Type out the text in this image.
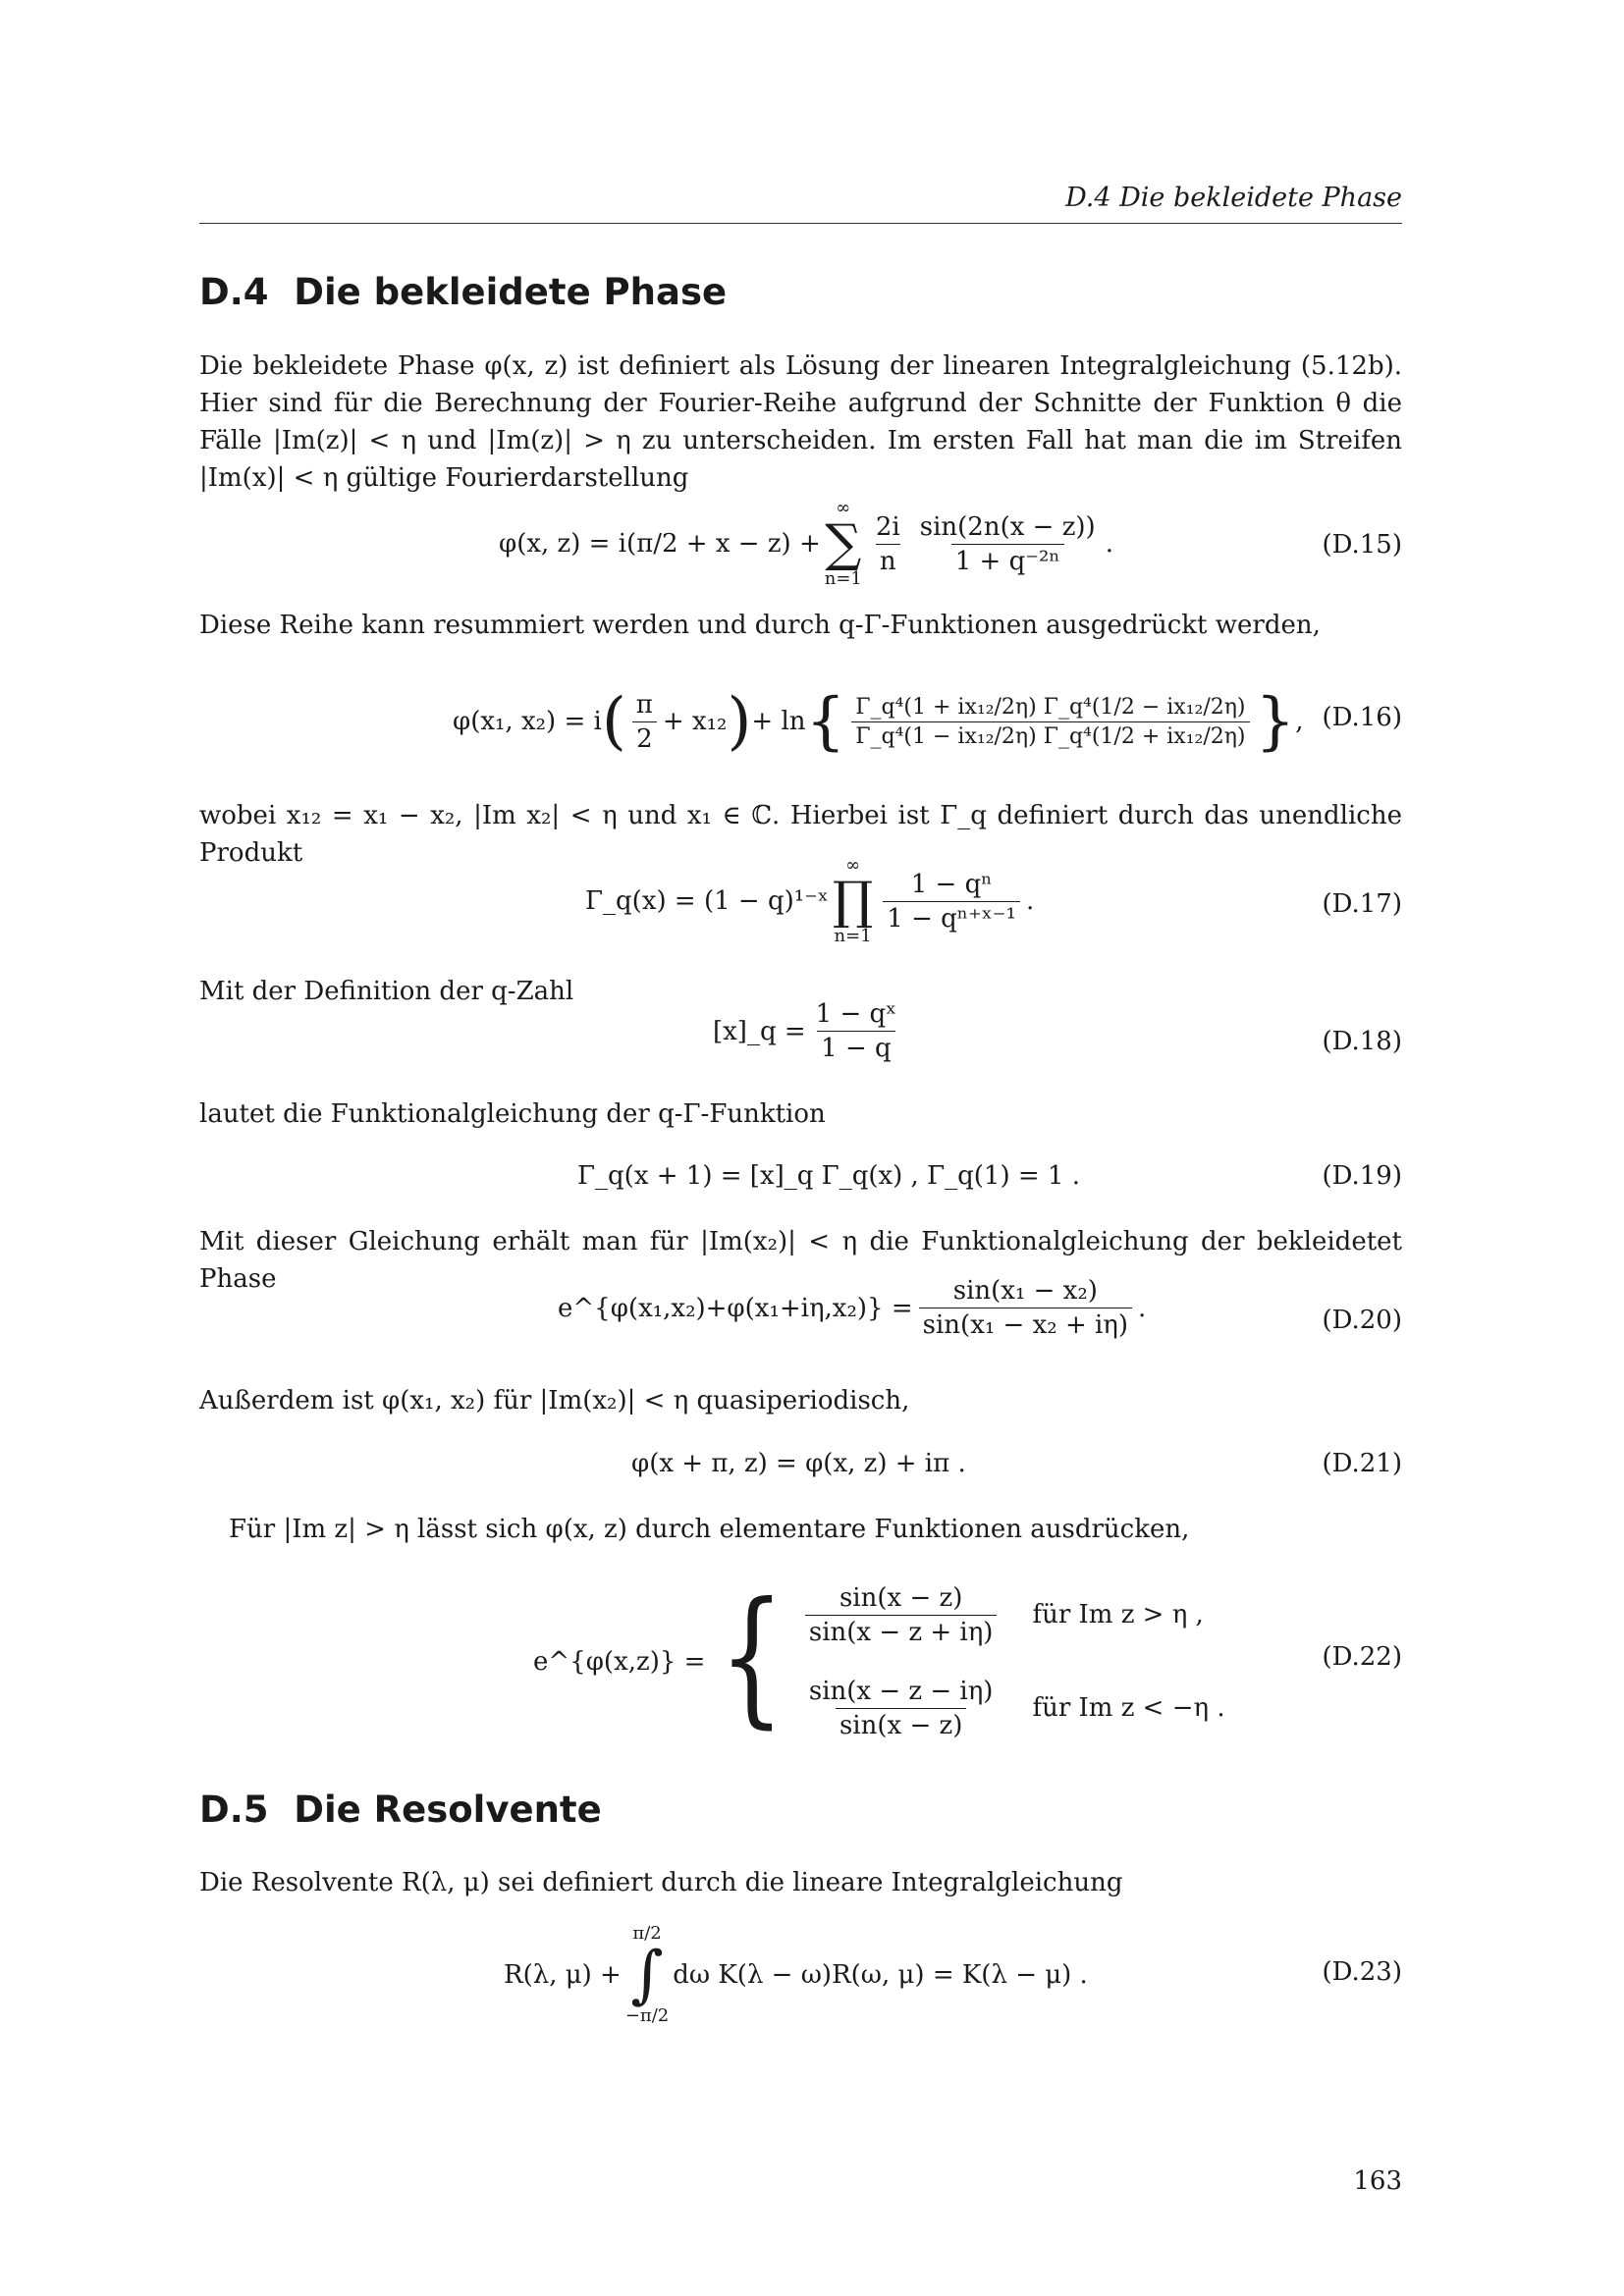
D.4 Die bekleidete Phase
D.4 Die bekleidete Phase
Die bekleidete Phase φ(x, z) ist definiert als Lösung der linearen Integralgleichung (5.12b). Hier sind für die Berechnung der Fourier-Reihe aufgrund der Schnitte der Funktion θ die Fälle |Im(z)| < η und |Im(z)| > η zu unterscheiden. Im ersten Fall hat man die im Streifen |Im(x)| < η gültige Fourierdarstellung
φ(x, z) = i(π/2 + x − z) +
∞
∑
n=1
$\frac{2i}{n} \frac{\sin(2n(x - z))}{\text{1 + q⁻²ⁿ}}$ .	(D.15)
Diese Reihe kann resummiert werden und durch q-Γ-Funktionen ausgedrückt werden,
φ(x₁, x₂) = i ( $\frac{\pi}{2} + x_{12}$ ) + ln { $\frac{\text{Γ\_q⁴(1 + ix₁₂/2η) Γ\_q⁴(1/2 − ix₁₂/2η)}}{\text{Γ\_q⁴(1 − ix₁₂/2η) Γ\_q⁴(1/2 + ix₁₂/2η)}}$ } , (D.16)
wobei x₁₂ = x₁ − x₂, |Im x₂| < η und x₁ ∈ ℂ. Hierbei ist Γ_q definiert durch das unendliche Produkt
Γ_q(x) = (1 − q)¹⁻ˣ
∞
∏
n=1
$\frac{\text{1 − qⁿ}}{\text{1 − qⁿ⁺ˣ⁻¹}}$ .	(D.17)
Mit der Definition der q-Zahl
[x]_q = $\frac{\text{1 − qˣ}}{1 - q}$	(D.18)
lautet die Funktionalgleichung der q-Γ-Funktion
Γ_q(x + 1) = [x]_q Γ_q(x) , Γ_q(1) = 1 .	(D.19)
Mit dieser Gleichung erhält man für |Im(x₂)| < η die Funktionalgleichung der bekleidetet Phase
e^{φ(x₁,x₂)+φ(x₁+iη,x₂)} = $\frac{\text{sin(x₁ − x₂)}}{\text{sin(x₁ − x₂ + iη)}}$ .	(D.20)
Außerdem ist φ(x₁, x₂) für |Im(x₂)| < η quasiperiodisch,
φ(x + π, z) = φ(x, z) + iπ .	(D.21)
Für |Im z| > η lässt sich φ(x, z) durch elementare Funktionen ausdrücken,
e^{φ(x,z)} = { $\frac{\sin(x - z)}{\sin(x - z + i\eta)}$ für Im z > η ,
$\frac{\sin(x - z - i\eta)}{\sin(x - z)}$ für Im z < −η .
(D.22)
D.5 Die Resolvente
Die Resolvente R(λ, μ) sei definiert durch die lineare Integralgleichung
R(λ, μ) +
π/2
∫
−π/2
dω K(λ − ω)R(ω, μ) = K(λ − μ) .	(D.23)
163
